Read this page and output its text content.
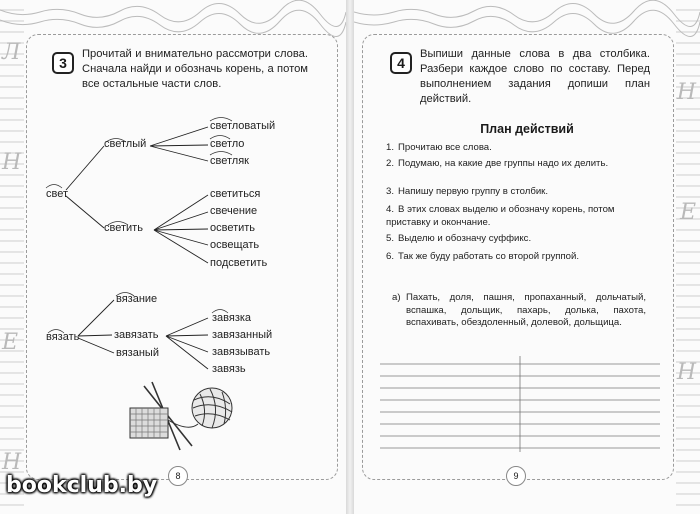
Л
Н
Е
Н
3
Прочитай и внимательно рассмотри слова. Сначала найди и обозначь корень, а потом все остальные части слов.
свет
светлый
светить
светловатый
светло
светляк
светиться
свечение
осветить
освещать
подсветить
вязать
вязание
завязать
вязаный
завязка
завязанный
завязывать
завязь
8
Н
Е
Н
4
Выпиши данные слова в два столбика. Разбери каждое слово по составу. Перед выполнением задания допиши план действий.
План действий
1. Прочитаю все слова.
2. Подумаю, на какие две группы надо их делить.
3. Напишу первую группу в столбик.
4. В этих словах выделю и обозначу корень, потом приставку и окончание.
5. Выделю и обозначу суффикс.
6. Так же буду работать со второй группой.
а) Пахать, доля, пашня, пропаханный, дольчатый, вспашка, дольщик, пахарь, долька, пахота, вспахивать, обездоленный, долевой, дольщица.
9
bookclub.by
